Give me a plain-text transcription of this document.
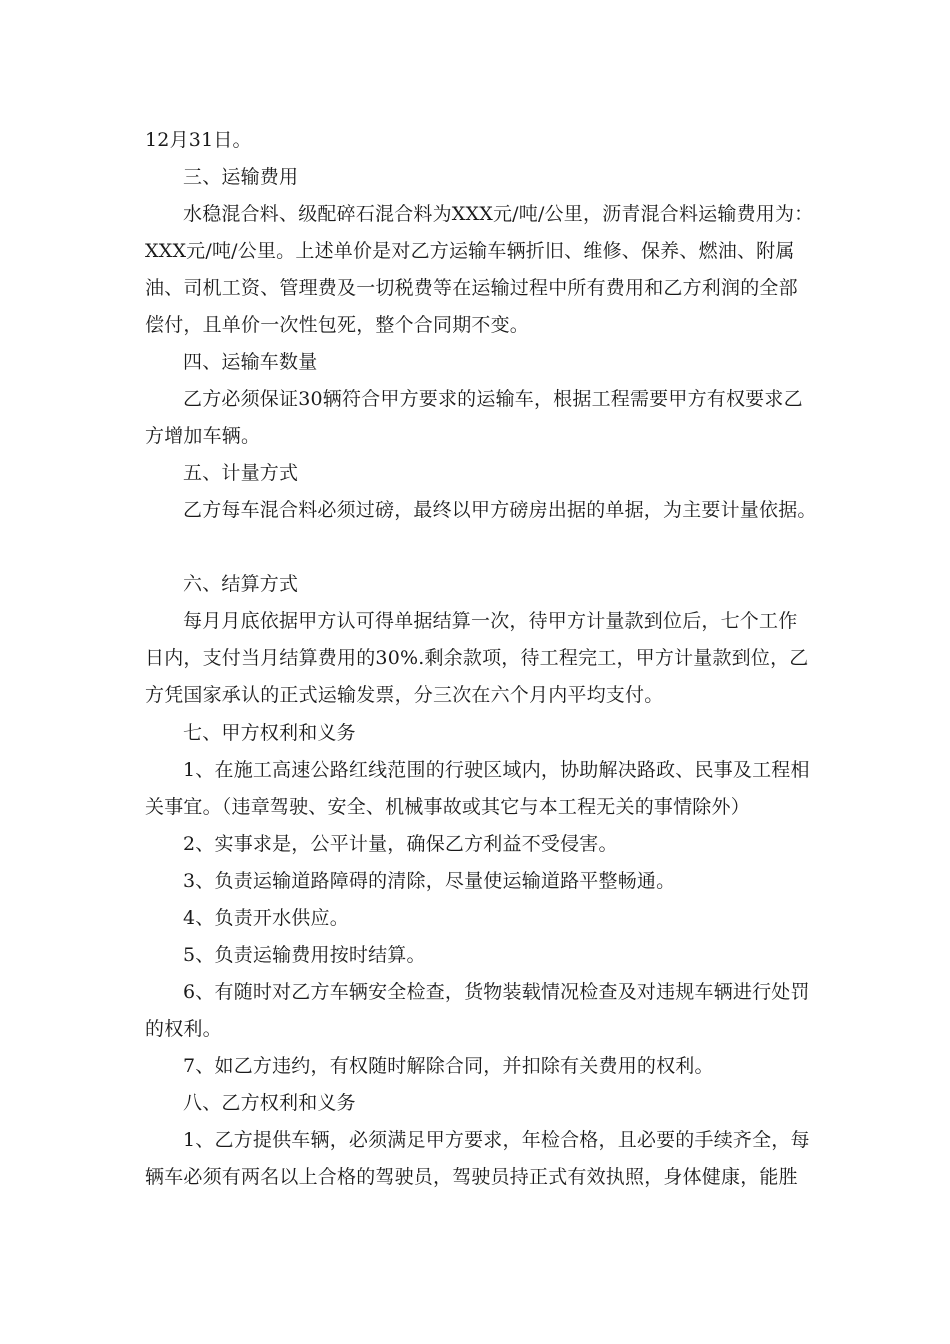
12月31日。
三、运输费用
水稳混合料、级配碎石混合料为XXX元/吨/公里，沥青混合料运输费用为：
XXX元/吨/公里。上述单价是对乙方运输车辆折旧、维修、保养、燃油、附属
油、司机工资、管理费及一切税费等在运输过程中所有费用和乙方利润的全部
偿付，且单价一次性包死，整个合同期不变。
四、运输车数量
乙方必须保证30辆符合甲方要求的运输车，根据工程需要甲方有权要求乙
方增加车辆。
五、计量方式
乙方每车混合料必须过磅，最终以甲方磅房出据的单据，为主要计量依据。
六、结算方式
每月月底依据甲方认可得单据结算一次，待甲方计量款到位后，七个工作
日内，支付当月结算费用的30%.剩余款项，待工程完工，甲方计量款到位，乙
方凭国家承认的正式运输发票，分三次在六个月内平均支付。
七、甲方权利和义务
1、在施工高速公路红线范围的行驶区域内，协助解决路政、民事及工程相
关事宜。（违章驾驶、安全、机械事故或其它与本工程无关的事情除外）
2、实事求是，公平计量，确保乙方利益不受侵害。
3、负责运输道路障碍的清除，尽量使运输道路平整畅通。
4、负责开水供应。
5、负责运输费用按时结算。
6、有随时对乙方车辆安全检查，货物装载情况检查及对违规车辆进行处罚
的权利。
7、如乙方违约，有权随时解除合同，并扣除有关费用的权利。
八、乙方权利和义务
1、乙方提供车辆，必须满足甲方要求，年检合格，且必要的手续齐全，每
辆车必须有两名以上合格的驾驶员，驾驶员持正式有效执照，身体健康，能胜
